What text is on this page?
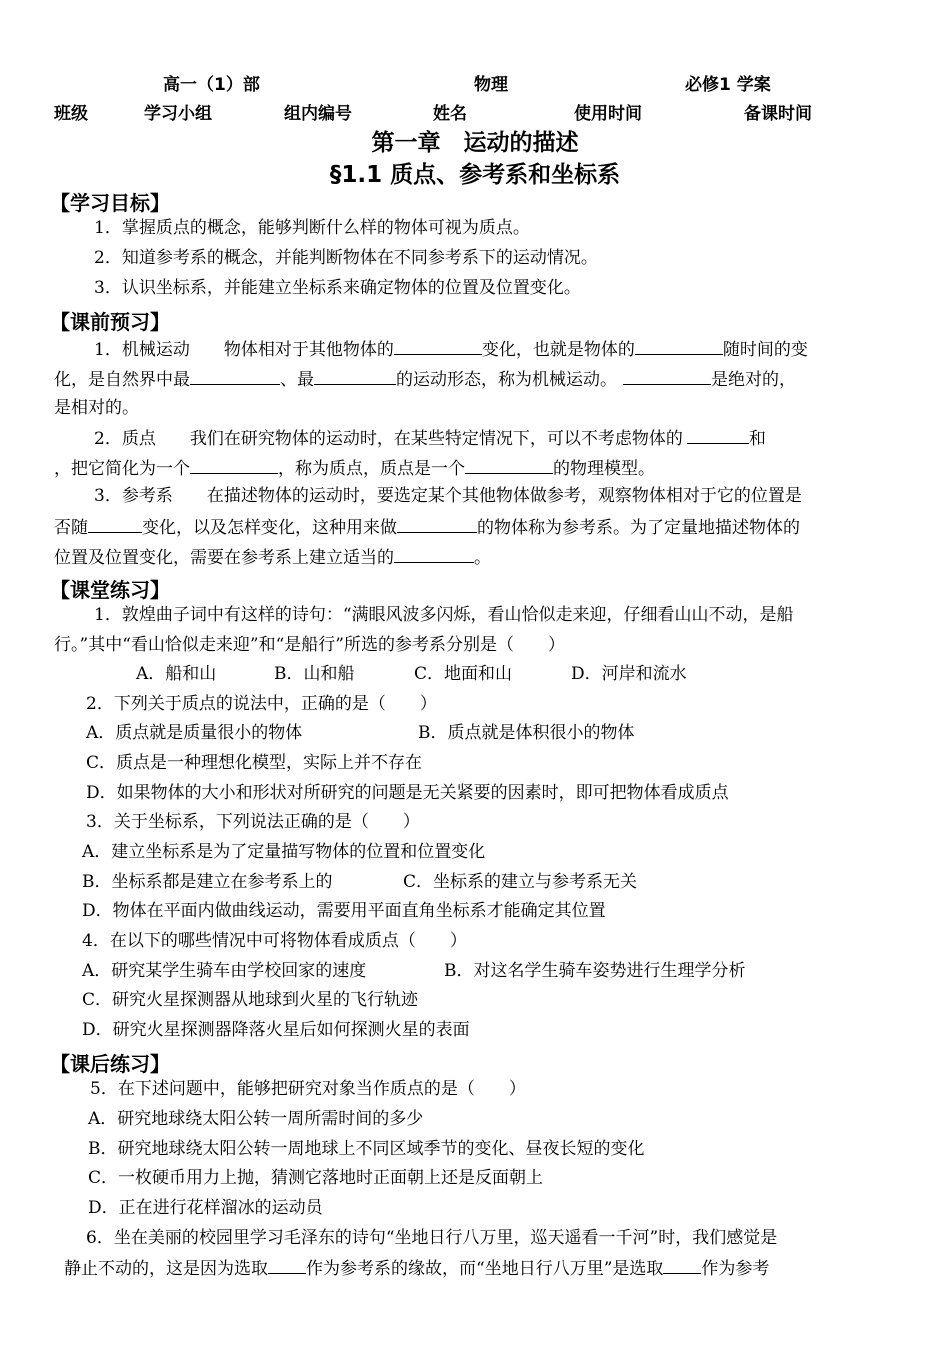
高一（1）部	物理	必修1 学案
班级	学习小组	组内编号	姓名	使用时间	备课时间
第一章　运动的描述
§1.1 质点、参考系和坐标系
【学习目标】
1．掌握质点的概念，能够判断什么样的物体可视为质点。
2．知道参考系的概念，并能判断物体在不同参考系下的运动情况。
3．认识坐标系，并能建立坐标系来确定物体的位置及位置变化。
【课前预习】
1．机械运动　　物体相对于其他物体的	变化，也就是物体的	随时间的变
化，是自然界中最	、最	的运动形态，称为机械运动。	是绝对的，
是相对的。
2．质点　　我们在研究物体的运动时，在某些特定情况下，可以不考虑物体的	和
，把它简化为一个	，称为质点，质点是一个	的物理模型。
3．参考系　　在描述物体的运动时，要选定某个其他物体做参考，观察物体相对于它的位置是
否随	变化，以及怎样变化，这种用来做	的物体称为参考系。为了定量地描述物体的
位置及位置变化，需要在参考系上建立适当的	。
【课堂练习】
1．敦煌曲子词中有这样的诗句：“满眼风波多闪烁，看山恰似走来迎，仔细看山山不动，是船
行。”其中“看山恰似走来迎”和“是船行”所选的参考系分别是（　　）
A．船和山	B．山和船	C．地面和山	D．河岸和流水
2．下列关于质点的说法中，正确的是（　　）
A．质点就是质量很小的物体	B．质点就是体积很小的物体
C．质点是一种理想化模型，实际上并不存在
D．如果物体的大小和形状对所研究的问题是无关紧要的因素时，即可把物体看成质点
3．关于坐标系，下列说法正确的是（　　）
A．建立坐标系是为了定量描写物体的位置和位置变化
B．坐标系都是建立在参考系上的	C．坐标系的建立与参考系无关
D．物体在平面内做曲线运动，需要用平面直角坐标系才能确定其位置
4．在以下的哪些情况中可将物体看成质点（　　）
A．研究某学生骑车由学校回家的速度	B．对这名学生骑车姿势进行生理学分析
C．研究火星探测器从地球到火星的飞行轨迹
D．研究火星探测器降落火星后如何探测火星的表面
【课后练习】
5．在下述问题中，能够把研究对象当作质点的是（　　）
A．研究地球绕太阳公转一周所需时间的多少
B．研究地球绕太阳公转一周地球上不同区域季节的变化、昼夜长短的变化
C．一枚硬币用力上抛，猜测它落地时正面朝上还是反面朝上
D．正在进行花样溜冰的运动员
6．坐在美丽的校园里学习毛泽东的诗句“坐地日行八万里，巡天遥看一千河”时，我们感觉是
静止不动的，这是因为选取 作为参考系的缘故，而“坐地日行八万里”是选取 作为参考
